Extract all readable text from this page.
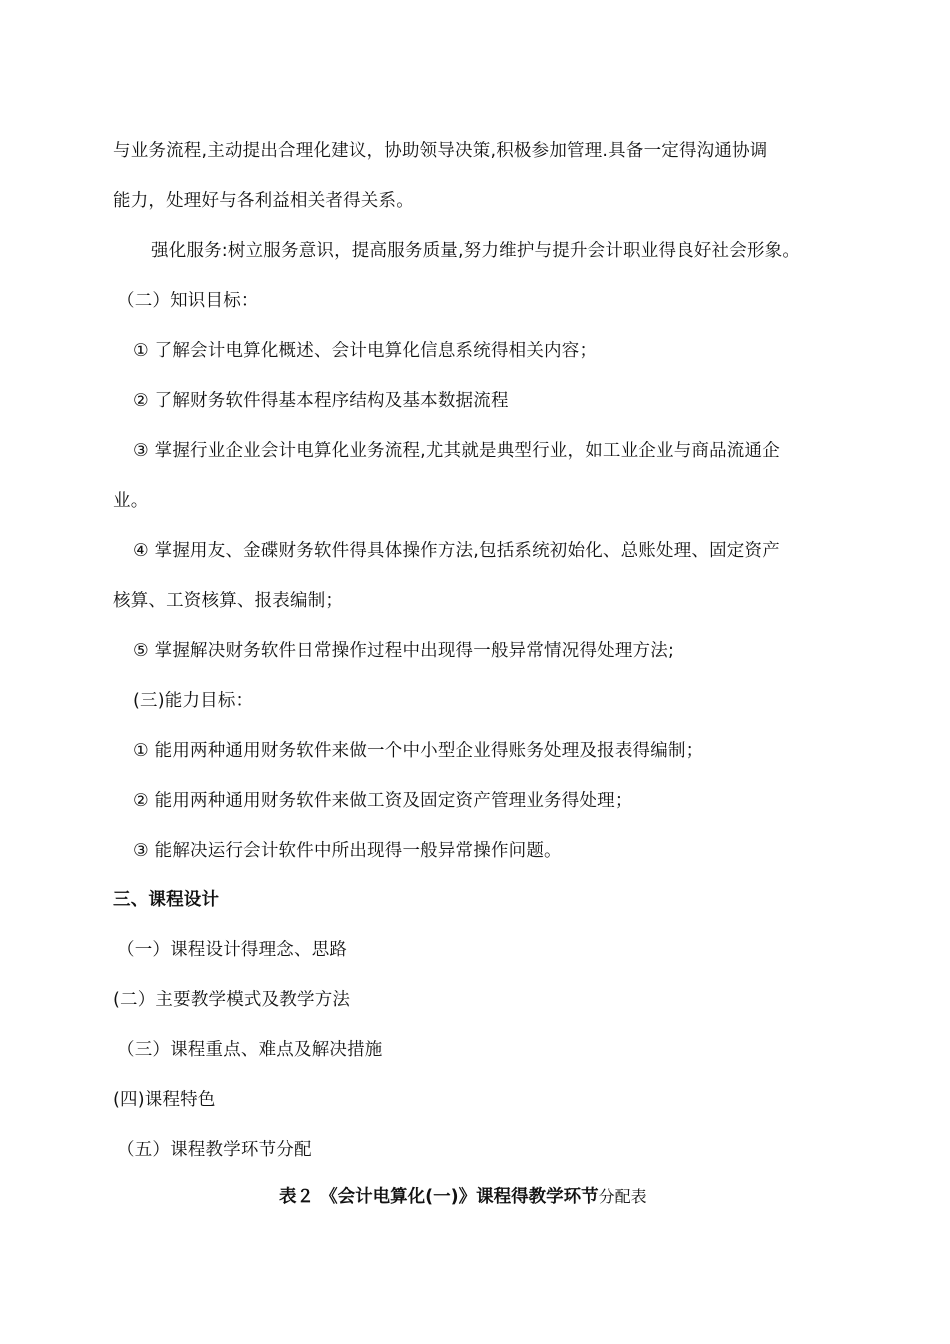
与业务流程,主动提出合理化建议，协助领导决策,积极参加管理.具备一定得沟通协调
能力，处理好与各利益相关者得关系。
强化服务:树立服务意识，提高服务质量,努力维护与提升会计职业得良好社会形象。
（二）知识目标：
① 了解会计电算化概述、会计电算化信息系统得相关内容；
② 了解财务软件得基本程序结构及基本数据流程
③ 掌握行业企业会计电算化业务流程,尤其就是典型行业，如工业企业与商品流通企
业。
④ 掌握用友、金碟财务软件得具体操作方法,包括系统初始化、总账处理、固定资产
核算、工资核算、报表编制；
⑤ 掌握解决财务软件日常操作过程中出现得一般异常情况得处理方法;
(三)能力目标：
① 能用两种通用财务软件来做一个中小型企业得账务处理及报表得编制；
② 能用两种通用财务软件来做工资及固定资产管理业务得处理；
③ 能解决运行会计软件中所出现得一般异常操作问题。
三、课程设计
（一）课程设计得理念、思路
(二）主要教学模式及教学方法
（三）课程重点、难点及解决措施
(四)课程特色
（五）课程教学环节分配
表２ 《会计电算化(一)》课程得教学环节分配表
